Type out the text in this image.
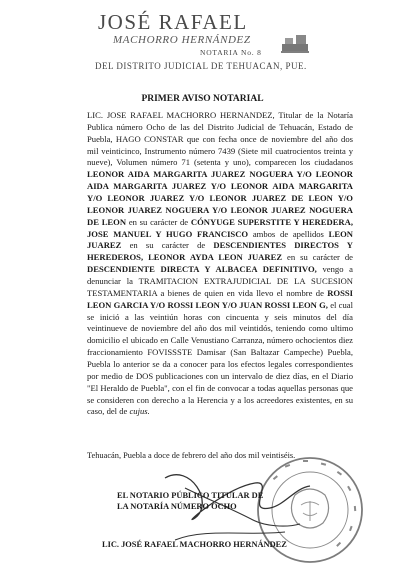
JOSÉ RAFAEL
MACHORRO HERNÁNDEZ
NOTARIA No. 8
DEL DISTRITO JUDICIAL DE TEHUACAN, PUE.
PRIMER AVISO NOTARIAL

LIC. JOSE RAFAEL MACHORRO HERNANDEZ, Titular de la Notaría Publica número Ocho de las del Distrito Judicial de Tehuacán, Estado de Puebla, HAGO CONSTAR que con fecha once de noviembre del año dos mil veinticinco, Instrumento número 7439 (Siete mil cuatrocientos treinta y nueve), Volumen número 71 (setenta y uno), comparecen los ciudadanos LEONOR AIDA MARGARITA JUAREZ NOGUERA Y/O LEONOR AIDA MARGARITA JUAREZ Y/O LEONOR AIDA MARGARITA Y/O LEONOR JUAREZ Y/O LEONOR JUAREZ DE LEON Y/O LEONOR JUAREZ NOGUERA Y/O LEONOR JUAREZ NOGUERA DE LEON en su carácter de CÓNYUGE SUPERSTITE Y HEREDERA, JOSE MANUEL Y HUGO FRANCISCO ambos de apellidos LEON JUAREZ en su carácter de DESCENDIENTES DIRECTOS Y HEREDEROS, LEONOR AYDA LEON JUAREZ en su carácter de DESCENDIENTE DIRECTA Y ALBACEA DEFINITIVO, vengo a denunciar la TRAMITACION EXTRAJUDICIAL DE LA SUCESION TESTAMENTARIA a bienes de quien en vida llevo el nombre de ROSSI LEON GARCIA Y/O ROSSI LEON Y/O JUAN ROSSI LEON G, el cual se inició a las veintiún horas con cincuenta y seis minutos del día veintinueve de noviembre del año dos mil veintidós, teniendo como ultimo domicilio el ubicado en Calle Venustiano Carranza, número ochocientos diez fraccionamiento FOVISSSTE Damisar (San Baltazar Campeche) Puebla, Puebla lo anterior se da a conocer para los efectos legales correspondientes por medio de DOS publicaciones con un intervalo de diez días, en el Diario "El Heraldo de Puebla", con el fin de convocar a todas aquellas personas que se consideren con derecho a la Herencia y a los acreedores existentes, en su caso, del de cujus.

Tehuacán, Puebla a doce de febrero del año dos mil veintiséis.
EL NOTARIO PÚBLICO TITULAR DE
LA NOTARÍA NÚMERO OCHO
LIC. JOSÉ RAFAEL MACHORRO HERNÁNDEZ
